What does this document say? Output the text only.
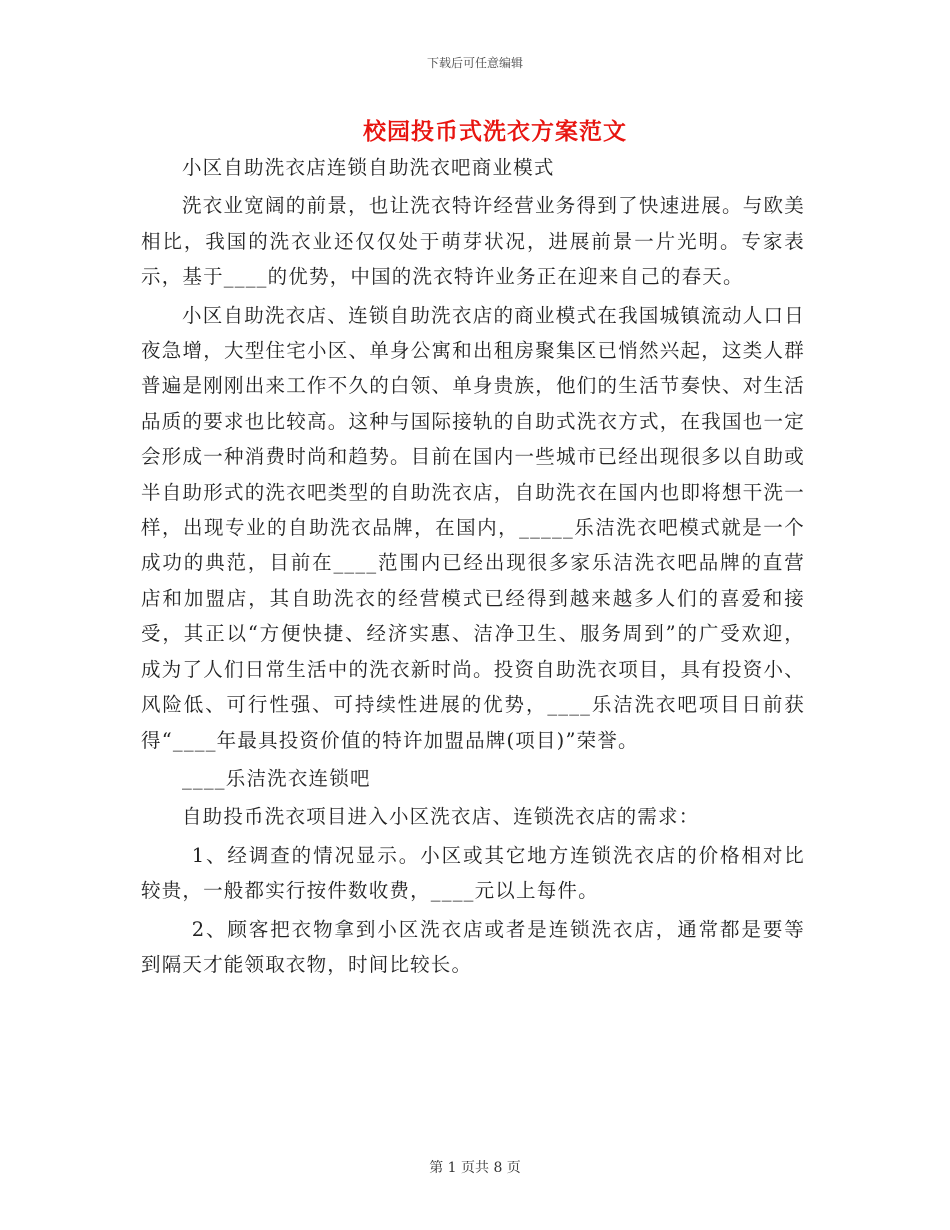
下载后可任意编辑
校园投币式洗衣方案范文

小区自助洗衣店连锁自助洗衣吧商业模式

洗衣业宽阔的前景，也让洗衣特许经营业务得到了快速进展。与欧美相比，我国的洗衣业还仅仅处于萌芽状况，进展前景一片光明。专家表示，基于____的优势，中国的洗衣特许业务正在迎来自己的春天。

小区自助洗衣店、连锁自助洗衣店的商业模式在我国城镇流动人口日夜急增，大型住宅小区、单身公寓和出租房聚集区已悄然兴起，这类人群普遍是刚刚出来工作不久的白领、单身贵族，他们的生活节奏快、对生活品质的要求也比较高。这种与国际接轨的自助式洗衣方式，在我国也一定会形成一种消费时尚和趋势。目前在国内一些城市已经出现很多以自助或半自助形式的洗衣吧类型的自助洗衣店，自助洗衣在国内也即将想干洗一样，出现专业的自助洗衣品牌，在国内，_____乐洁洗衣吧模式就是一个成功的典范，目前在____范围内已经出现很多家乐洁洗衣吧品牌的直营店和加盟店，其自助洗衣的经营模式已经得到越来越多人们的喜爱和接受，其正以“方便快捷、经济实惠、洁净卫生、服务周到”的广受欢迎，成为了人们日常生活中的洗衣新时尚。投资自助洗衣项目，具有投资小、风险低、可行性强、可持续性进展的优势，____乐洁洗衣吧项目日前获得“____年最具投资价值的特许加盟品牌(项目)”荣誉。

____乐洁洗衣连锁吧

自助投币洗衣项目进入小区洗衣店、连锁洗衣店的需求：

1、经调查的情况显示。小区或其它地方连锁洗衣店的价格相对比较贵，一般都实行按件数收费，____元以上每件。

2、顾客把衣物拿到小区洗衣店或者是连锁洗衣店，通常都是要等到隔天才能领取衣物，时间比较长。

第 1 页共 8 页
